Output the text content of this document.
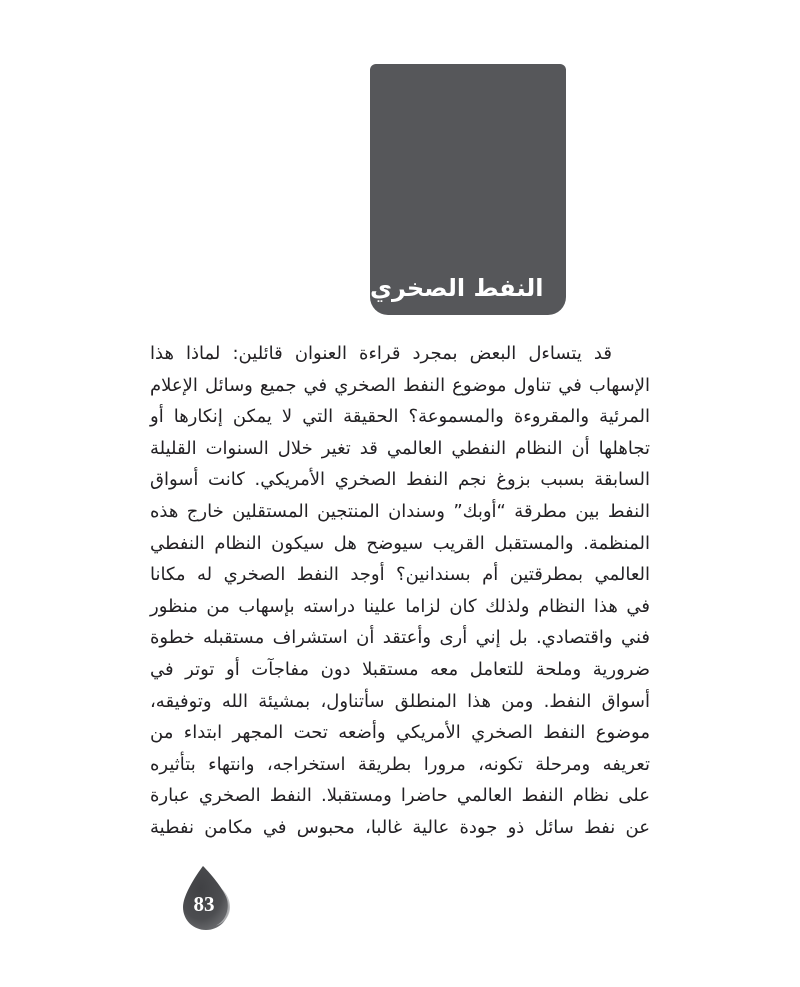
النفط الصخري
قد يتساءل البعض بمجرد قراءة العنوان قائلين: لماذا هذا
الإسهاب في تناول موضوع النفط الصخري في جميع وسائل الإعلام
المرئية والمقروءة والمسموعة؟ الحقيقة التي لا يمكن إنكارها أو
تجاهلها أن النظام النفطي العالمي قد تغير خلال السنوات القليلة
السابقة بسبب بزوغ نجم النفط الصخري الأمريكي. كانت أسواق
النفط بين مطرقة “أوبك” وسندان المنتجين المستقلين خارج هذه
المنظمة. والمستقبل القريب سيوضح هل سيكون النظام النفطي
العالمي بمطرقتين أم بسندانين؟ أوجد النفط الصخري له مكانا
في هذا النظام ولذلك كان لزاما علينا دراسته بإسهاب من منظور
فني واقتصادي. بل إني أرى وأعتقد أن استشراف مستقبله خطوة
ضرورية وملحة للتعامل معه مستقبلا دون مفاجآت أو توتر في
أسواق النفط. ومن هذا المنطلق سأتناول، بمشيئة الله وتوفيقه،
موضوع النفط الصخري الأمريكي وأضعه تحت المجهر ابتداء من
تعريفه ومرحلة تكونه، مرورا بطريقة استخراجه، وانتهاء بتأثيره
على نظام النفط العالمي حاضرا ومستقبلا. النفط الصخري عبارة
عن نفط سائل ذو جودة عالية غالبا، محبوس في مكامن نفطية
83
